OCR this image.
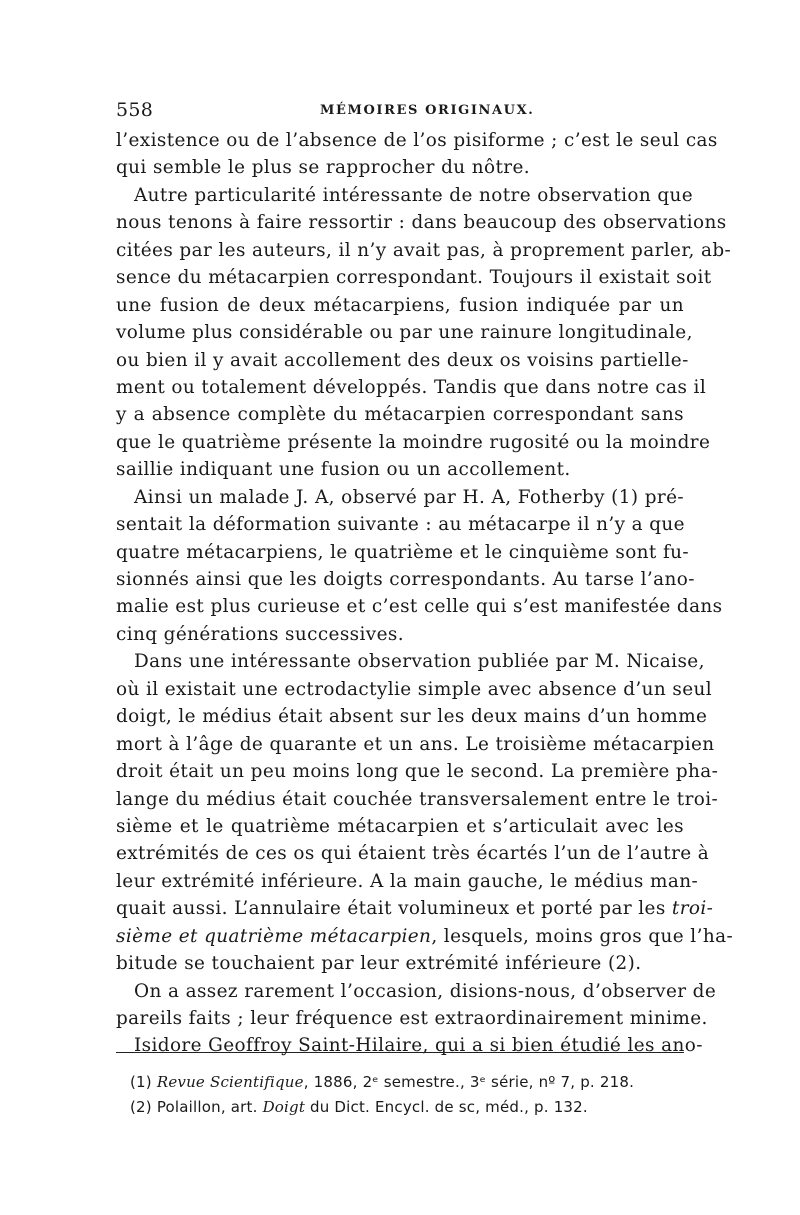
558	MÉMOIRES ORIGINAUX.
l’existence ou de l’absence de l’os pisiforme ; c’est le seul cas
qui semble le plus se rapprocher du nôtre.
Autre particularité intéressante de notre observation que
nous tenons à faire ressortir : dans beaucoup des observations
citées par les auteurs, il n’y avait pas, à proprement parler, ab-
sence du métacarpien correspondant. Toujours il existait soit
une fusion de deux métacarpiens, fusion indiquée par un
volume plus considérable ou par une rainure longitudinale,
ou bien il y avait accollement des deux os voisins partielle-
ment ou totalement développés. Tandis que dans notre cas il
y a absence complète du métacarpien correspondant sans
que le quatrième présente la moindre rugosité ou la moindre
saillie indiquant une fusion ou un accollement.
Ainsi un malade J. A, observé par H. A, Fotherby (1) pré-
sentait la déformation suivante : au métacarpe il n’y a que
quatre métacarpiens, le quatrième et le cinquième sont fu-
sionnés ainsi que les doigts correspondants. Au tarse l’ano-
malie est plus curieuse et c’est celle qui s’est manifestée dans
cinq générations successives.
Dans une intéressante observation publiée par M. Nicaise,
où il existait une ectrodactylie simple avec absence d’un seul
doigt, le médius était absent sur les deux mains d’un homme
mort à l’âge de quarante et un ans. Le troisième métacarpien
droit était un peu moins long que le second. La première pha-
lange du médius était couchée transversalement entre le troi-
sième et le quatrième métacarpien et s’articulait avec les
extrémités de ces os qui étaient très écartés l’un de l’autre à
leur extrémité inférieure. A la main gauche, le médius man-
quait aussi. L’annulaire était volumineux et porté par les troi-
sième et quatrième métacarpien, lesquels, moins gros que l’ha-
bitude se touchaient par leur extrémité inférieure (2).
On a assez rarement l’occasion, disions-nous, d’observer de
pareils faits ; leur fréquence est extraordinairement minime.
Isidore Geoffroy Saint-Hilaire, qui a si bien étudié les ano-
(1) Revue Scientifique, 1886, 2ᵉ semestre., 3ᵉ série, nº 7, p. 218.
(2) Polaillon, art. Doigt du Dict. Encycl. de sc, méd., p. 132.
